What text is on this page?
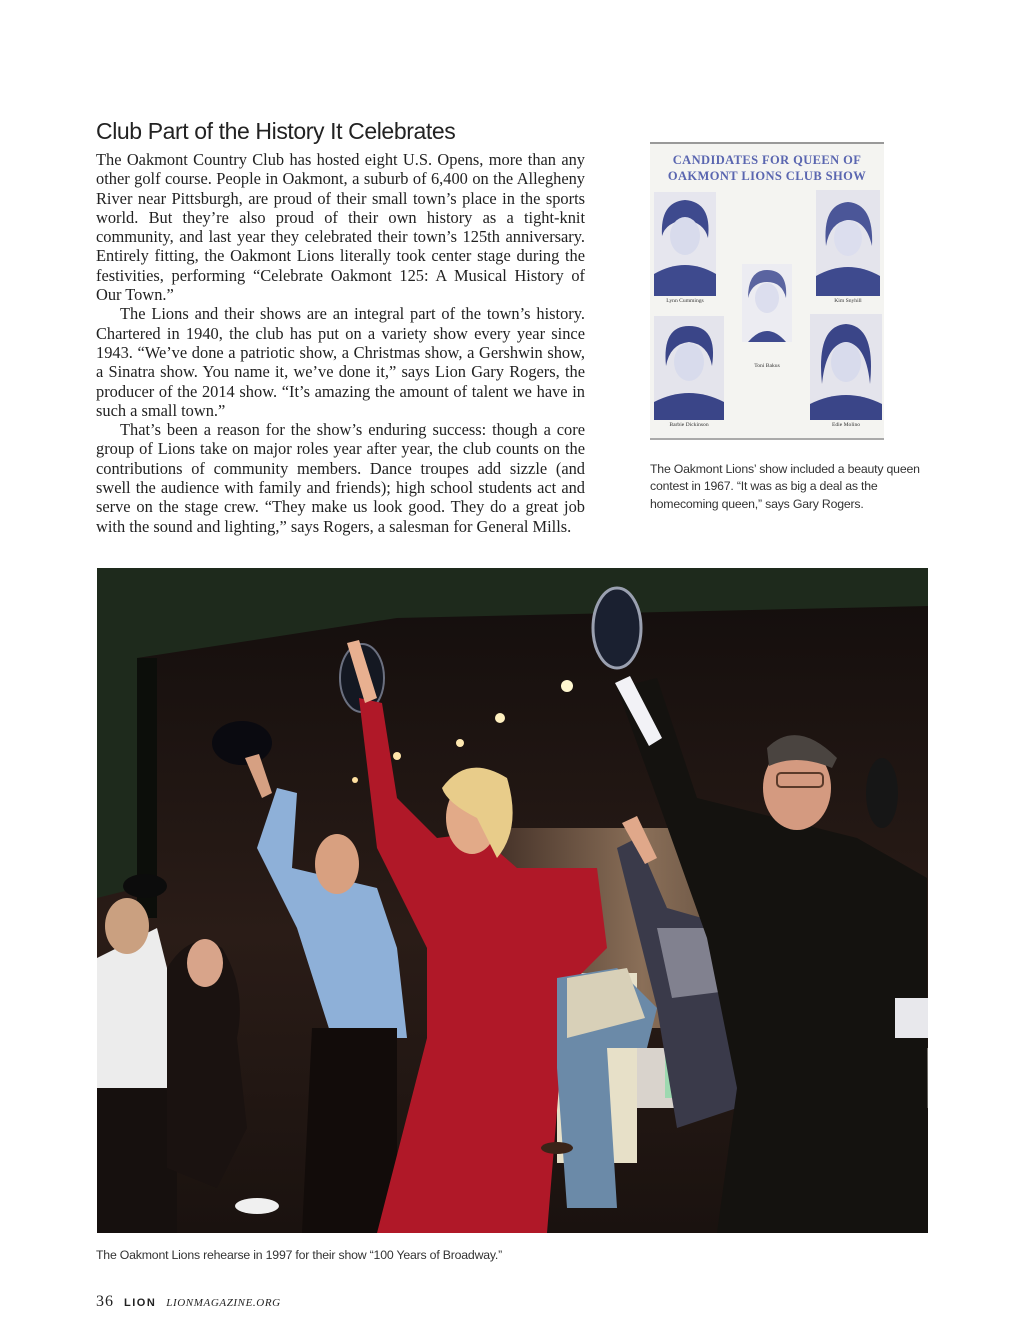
Club Part of the History It Celebrates

The Oakmont Country Club has hosted eight U.S. Opens, more than any other golf course. People in Oakmont, a suburb of 6,400 on the Allegheny River near Pittsburgh, are proud of their small town’s place in the sports world. But they’re also proud of their own history as a tight-knit community, and last year they celebrated their town’s 125th anniversary. Entirely fitting, the Oakmont Lions literally took center stage during the festivities, performing “Celebrate Oakmont 125: A Musical History of Our Town.”

The Lions and their shows are an integral part of the town’s history. Chartered in 1940, the club has put on a variety show every year since 1943. “We’ve done a patriotic show, a Christmas show, a Gershwin show, a Sinatra show. You name it, we’ve done it,” says Lion Gary Rogers, the producer of the 2014 show. “It’s amazing the amount of talent we have in such a small town.”

That’s been a reason for the show’s enduring success: though a core group of Lions take on major roles year after year, the club counts on the contributions of community members. Dance troupes add sizzle (and swell the audience with family and friends); high school students act and serve on the stage crew. “They make us look good. They do a great job with the sound and lighting,” says Rogers, a salesman for General Mills.

CANDIDATES FOR QUEEN OF
OAKMONT LIONS CLUB SHOW
Lynn Cummings	Kim Snyhill
Toni Bakus
Barbie Dickinson	Edie Molino
The Oakmont Lions’ show included a beauty queen contest in 1967. “It was as big a deal as the homecoming queen,” says Gary Rogers.
The Oakmont Lions rehearse in 1997 for their show “100 Years of Broadway.”
36 LION LIONMAGAZINE.ORG
